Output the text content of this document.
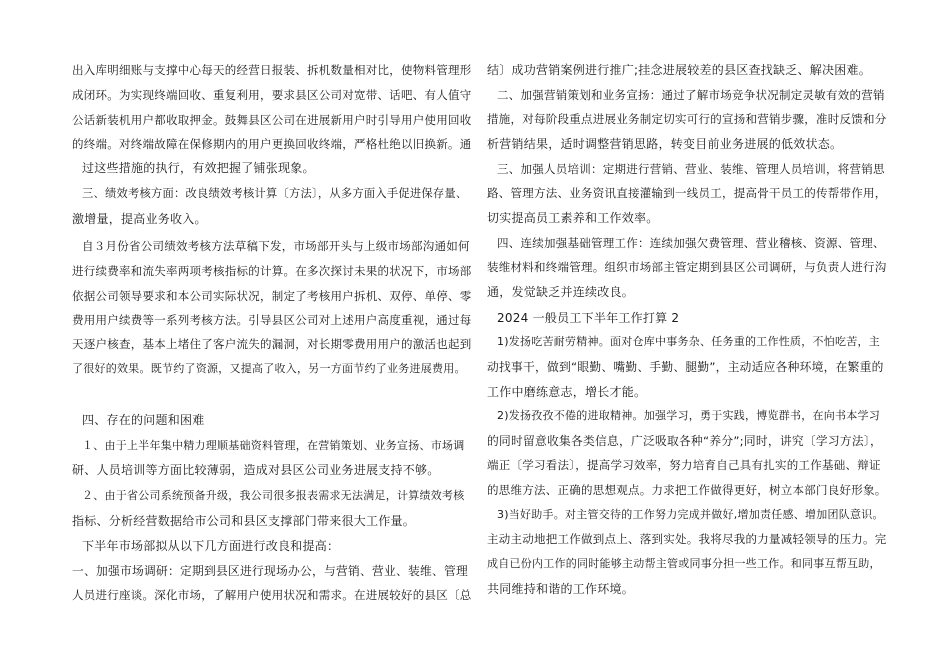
出入库明细账与支撑中心每天的经营日报装、拆机数量相对比，使物料管理形
成闭环。为实现终端回收、重复利用，要求县区公司对宽带、话吧、有人值守
公话新装机用户都收取押金。鼓舞县区公司在进展新用户时引导用户使用回收
的终端。对终端故障在保修期内的用户更换回收终端，严格杜绝以旧换新。通
过这些措施的执行，有效把握了铺张现象。
三、绩效考核方面：改良绩效考核计算〔方法〕，从多方面入手促进保存量、
激增量，提高业务收入。
自３月份省公司绩效考核方法草稿下发，市场部开头与上级市场部沟通如何
进行续费率和流失率两项考核指标的计算。在多次探讨未果的状况下，市场部
依据公司领导要求和本公司实际状况，制定了考核用户拆机、双停、单停、零
费用用户续费等一系列考核方法。引导县区公司对上述用户高度重视，通过每
天逐户核查，基本上堵住了客户流失的漏洞，对长期零费用用户的激活也起到
了很好的效果。既节约了资源，又提高了收入，另一方面节约了业务进展费用。
四、存在的问题和困难
１、由于上半年集中精力理顺基础资料管理，在营销策划、业务宣扬、市场调
研、人员培训等方面比较薄弱，造成对县区公司业务进展支持不够。
２、由于省公司系统预备升级，我公司很多报表需求无法满足，计算绩效考核
指标、分析经营数据给市公司和县区支撑部门带来很大工作量。
下半年市场部拟从以下几方面进行改良和提高：
一、加强市场调研：定期到县区进行现场办公，与营销、营业、装维、管理
人员进行座谈。深化市场，了解用户使用状况和需求。在进展较好的县区〔总
结〕成功营销案例进行推广;挂念进展较差的县区查找缺乏、解决困难。
二、加强营销策划和业务宣扬：通过了解市场竞争状况制定灵敏有效的营销
措施，对每阶段重点进展业务制定切实可行的宣扬和营销步骤，准时反馈和分
析营销结果，适时调整营销思路，转变目前业务进展的低效状态。
三、加强人员培训：定期进行营销、营业、装维、管理人员培训，将营销思
路、管理方法、业务资讯直接灌输到一线员工，提高骨干员工的传帮带作用，
切实提高员工素养和工作效率。
四、连续加强基础管理工作：连续加强欠费管理、营业稽核、资源、管理、
装维材料和终端管理。组织市场部主管定期到县区公司调研，与负责人进行沟
通，发觉缺乏并连续改良。
2024 一般员工下半年工作打算 2
1)发扬吃苦耐劳精神。面对仓库中事务杂、任务重的工作性质，不怕吃苦，主
动找事干，做到“眼勤、嘴勤、手勤、腿勤”，主动适应各种环境，在繁重的
工作中磨练意志，增长才能。
2)发扬孜孜不倦的进取精神。加强学习，勇于实践，博览群书，在向书本学习
的同时留意收集各类信息，广泛吸取各种“养分”;同时，讲究〔学习方法〕，
端正〔学习看法〕，提高学习效率，努力培育自己具有扎实的工作基础、辩证
的思维方法、正确的思想观点。力求把工作做得更好，树立本部门良好形象。
3)当好助手。对主管交待的工作努力完成并做好,增加责任感、增加团队意识。
主动主动地把工作做到点上、落到实处。我将尽我的力量减轻领导的压力。完
成自已份内工作的同时能够主动帮主管或同事分担一些工作。和同事互帮互助，
共同维持和谐的工作环境。
